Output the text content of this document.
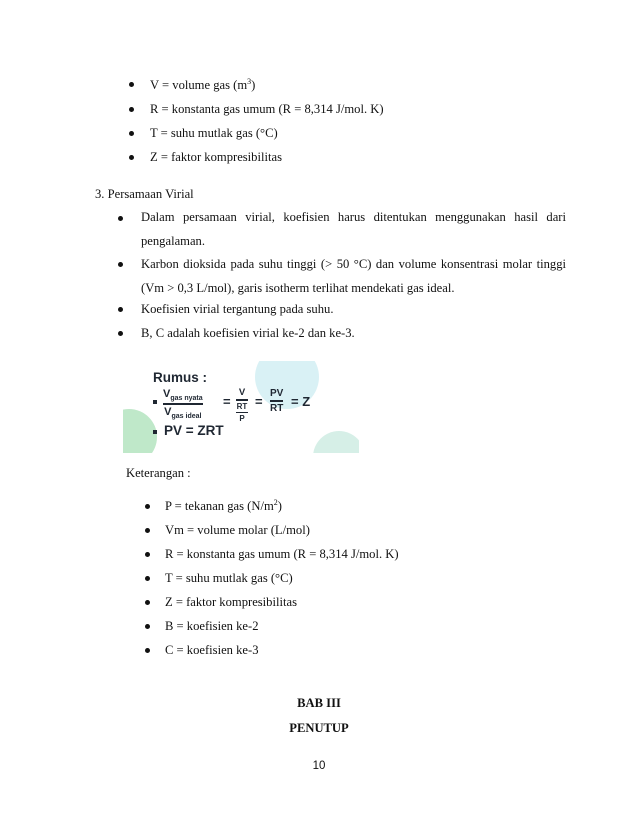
V = volume gas $(m^3)$
R = konstanta gas umum (R = 8,314 J/mol. K)
T = suhu mutlak gas (°C)
Z = faktor kompresibilitas
3. Persamaan Virial
Dalam persamaan virial, koefisien harus ditentukan menggunakan hasil dari
pengalaman.
Karbon dioksida pada suhu tinggi (> 50 °C) dan volume konsentrasi molar tinggi
(Vm > 0,3 L/mol), garis isotherm terlihat mendekati gas ideal.
Koefisien virial tergantung pada suhu.
B, C adalah koefisien virial ke-2 dan ke-3.
Rumus :
$V_{gas nyata}$
$V_{gas ideal}$
=
V
RT
P
=
PV
RT = Z
PV = ZRT
Keterangan :
P = tekanan gas $(N/m^2)$
Vm = volume molar (L/mol)
R = konstanta gas umum (R = 8,314 J/mol. K)
T = suhu mutlak gas (°C)
Z = faktor kompresibilitas
B = koefisien ke-2
C = koefisien ke-3
BAB III
PENUTUP
10
